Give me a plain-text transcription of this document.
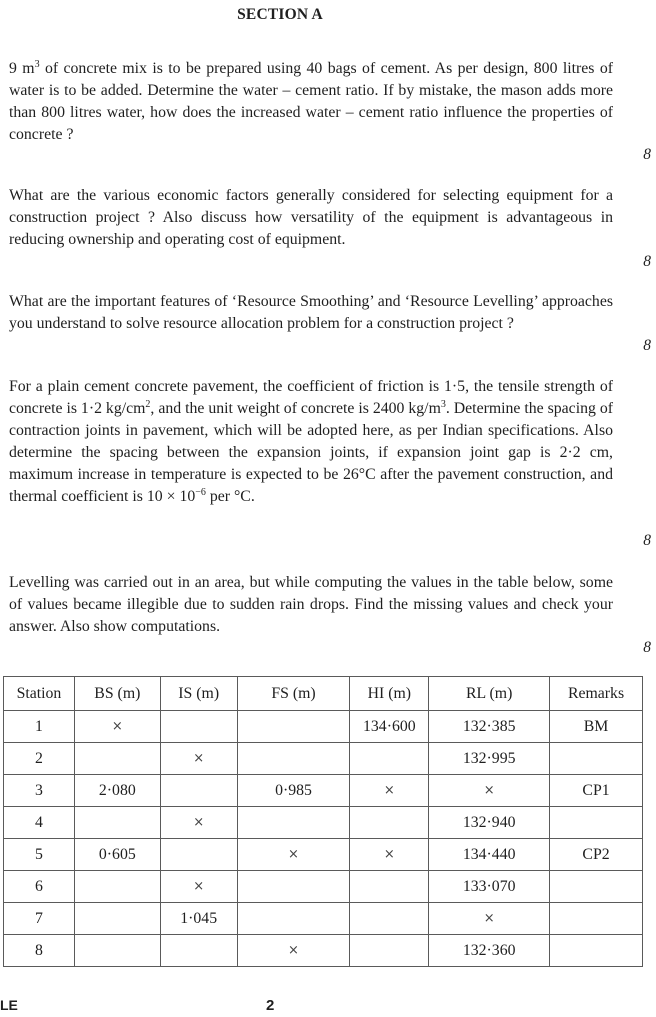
SECTION A
9 $m^3$ of concrete mix is to be prepared using 40 bags of cement. As per design, 800 litres of water is to be added. Determine the water – cement ratio. If by mistake, the mason adds more than 800 litres water, how does the increased water – cement ratio influence the properties of concrete ?
8
What are the various economic factors generally considered for selecting equipment for a construction project ? Also discuss how versatility of the equipment is advantageous in reducing ownership and operating cost of equipment.
8
What are the important features of ‘Resource Smoothing’ and ‘Resource Levelling’ approaches you understand to solve resource allocation problem for a construction project ?
8
For a plain cement concrete pavement, the coefficient of friction is 1·5, the tensile strength of concrete is 1·2 $kg/cm^2$, and the unit weight of concrete is 2400 $kg/m^3$. Determine the spacing of contraction joints in pavement, which will be adopted here, as per Indian specifications. Also determine the spacing between the expansion joints, if expansion joint gap is 2·2 cm, maximum increase in temperature is expected to be 26°C after the pavement construction, and thermal coefficient is $10 \times 10^{-6}$ per °C.
8
Levelling was carried out in an area, but while computing the values in the table below, some of values became illegible due to sudden rain drops. Find the missing values and check your answer. Also show computations.
8
Station	BS (m)	IS (m)	FS (m)	HI (m)	RL (m)	Remarks
1	×			134·600	132·385	BM
2		×			132·995	
3	2·080		0·985	×	×	CP1
4		×			132·940	
5	0·605		×	×	134·440	CP2
6		×			133·070	
7		1·045			×	
8			×		132·360	
LE	2
